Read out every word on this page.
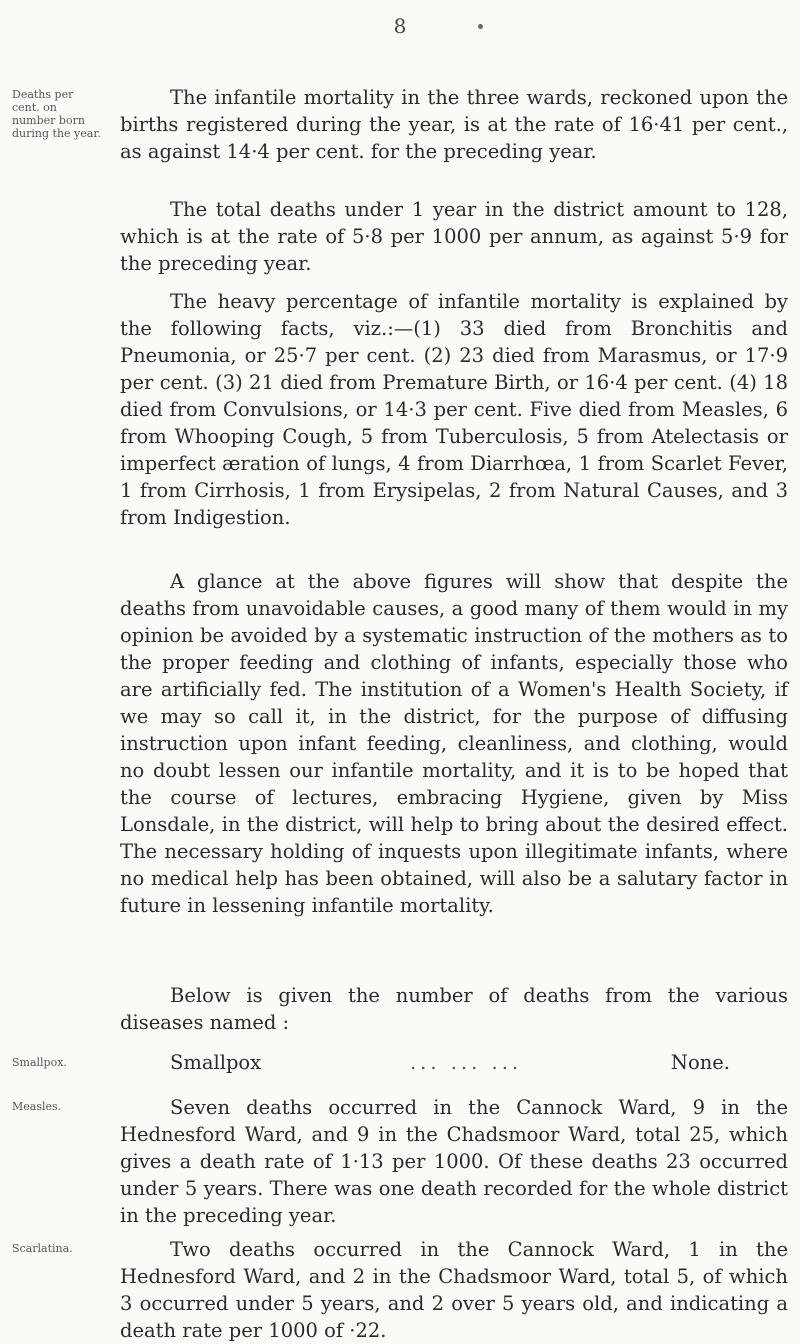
8
Deaths per cent. on number born during the year.

The infantile mortality in the three wards, reckoned upon the births registered during the year, is at the rate of 16·41 per cent., as against 14·4 per cent. for the preceding year.

The total deaths under 1 year in the district amount to 128, which is at the rate of 5·8 per 1000 per annum, as against 5·9 for the preceding year.

The heavy percentage of infantile mortality is explained by the following facts, viz.:—(1) 33 died from Bronchitis and Pneumonia, or 25·7 per cent. (2) 23 died from Marasmus, or 17·9 per cent. (3) 21 died from Premature Birth, or 16·4 per cent. (4) 18 died from Convulsions, or 14·3 per cent. Five died from Measles, 6 from Whooping Cough, 5 from Tuberculosis, 5 from Atelectasis or imperfect æration of lungs, 4 from Diarrhœa, 1 from Scarlet Fever, 1 from Cirrhosis, 1 from Erysipelas, 2 from Natural Causes, and 3 from Indigestion.

A glance at the above figures will show that despite the deaths from unavoidable causes, a good many of them would in my opinion be avoided by a systematic instruction of the mothers as to the proper feeding and clothing of infants, especially those who are artificially fed. The institution of a Women's Health Society, if we may so call it, in the district, for the purpose of diffusing instruction upon infant feeding, cleanliness, and clothing, would no doubt lessen our infantile mortality, and it is to be hoped that the course of lectures, embracing Hygiene, given by Miss Lonsdale, in the district, will help to bring about the desired effect. The necessary holding of inquests upon illegitimate infants, where no medical help has been obtained, will also be a salutary factor in future in lessening infantile mortality.

Below is given the number of deaths from the various diseases named :

Smallpox.	Smallpox	... ... ...	None.
Measles.	Seven deaths occurred in the Cannock Ward, 9 in the Hednesford Ward, and 9 in the Chadsmoor Ward, total 25, which gives a death rate of 1·13 per 1000. Of these deaths 23 occurred under 5 years. There was one death recorded for the whole district in the preceding year.

Scarlatina.	Two deaths occurred in the Cannock Ward, 1 in the Hednesford Ward, and 2 in the Chadsmoor Ward, total 5, of which 3 occurred under 5 years, and 2 over 5 years old, and indicating a death rate per 1000 of ·22.
